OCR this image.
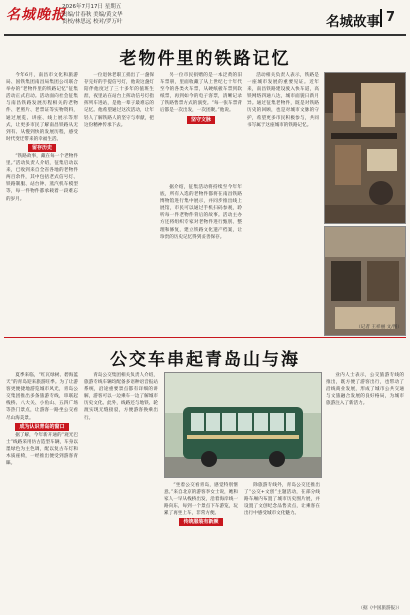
名城晚报
2026年7月17日 星期五
责编/甘春秋 美编/黄文华
责校/林思远 校对/罗万叶	名城故事 7
老物件里的铁路记忆

今年6月，南昌市文化和旅游局、国铁集团南昌局集团公司联合举办的“老物件里的铁路记忆”征集活动正式启动。活动面向社会征集与南昌铁路发展历程相关的老物件、老照片、老票证等实物资料，通过展览、讲座、线上展示等形式，让更多市民了解南昌铁路从无到有、从慢到快的发展历程，感受时代变迁带来的幸福生活。

留存历史

“铁路故事，藏在每一个老物件里。”活动负责人介绍，征集启动以来，已收到来自全省各地的老物件两百余件，其中包括老式信号灯、铁路制服、站台钟、蒸汽机车模型等，每一件物件都承载着一段难忘的岁月。

一位退休老职工捐出了一盏保存完好的手提信号灯，他说这盏灯陪伴他度过了三十多年的值班生涯，夜里站在站台上挥动信号灯指挥列车进站，是他一辈子最难忘的记忆。他希望通过这次活动，让年轻人了解铁路人的坚守与奉献，把这份精神传承下去。

另一位市民捐赠的是一本泛黄的旧车票册，里面收藏了从上世纪七十年代至今的各类火车票，从硬纸板车票到软纸票，再到如今的电子客票，清晰记录了铁路售票方式的演变。“每一张车票背后都是一次出发，一次团聚。”他说。

坚守文脉

据介绍，征集活动将持续至今年年底，所有入选的老物件都将在南昌铁路博物馆进行集中展示，并同步推出线上展馆，市民可以通过手机扫码参观，聆听每一件老物件背后的故事。活动主办方还将组织专家对老物件进行甄别、整理和修复，建立铁路文化遗产档案，让珍贵的历史记忆得到妥善保存。

活动相关负责人表示，铁路是一座城市发展的重要见证。近年来，南昌铁路建设驶入快车道，高铁网络四通八达，城市面貌日新月异。通过征集老物件，既是对铁路历史的回顾，也是对城市文脉的守护，希望更多市民积极参与，共同书写属于这座城市的铁路记忆。

（记者 王祥丽 文/图）
公交车串起青岛山与海

夏季来临，“红瓦绿树、碧海蓝天”的青岛迎来旅游旺季。为了让游客更便捷地游览城市风光，青岛公交集团推出多条旅游专线，串联起栈桥、八大关、小鱼山、五四广场等热门景点，让游客一路坐公交看尽山海美景。

成为认识青岛的窗口

据了解，今年新开通的“观光巴士”线路采用仿古造型车辆，车身以墨绿色为主色调，配以复古车灯和木质座椅，一经推出便受到游客青睐。

青岛公交集团相关负责人介绍，旅游专线车辆均配备多语种语音报站系统，沿途重要景点都有详细的讲解，游客可以一边乘车一边了解城市历史文化。此外，线路还与地铁、轮渡实现无缝接驳，方便游客换乘出行。

“坐着公交看青岛，感觉特别惬意。”来自北京的游客李女士说，她和家人一早从栈桥出发，沿着海岸线一路向东，每到一个景点下车游览，玩累了再坐上车，非常方便。

传统服装有新颜

除旅游专线外，青岛公交还推出了“公交+文创”主题活动，在部分线路车厢内布置了城市历史图片展，并设置了文创纪念品售卖点，让乘客在出行中感受城市文化魅力。

业内人士表示，公交旅游专线的推出，既方便了游客出行，也带动了沿线商业发展，形成了城市公共交通与文旅融合发展的良好格局，为城市旅游注入了新活力。

（据《中国旅游报》）
